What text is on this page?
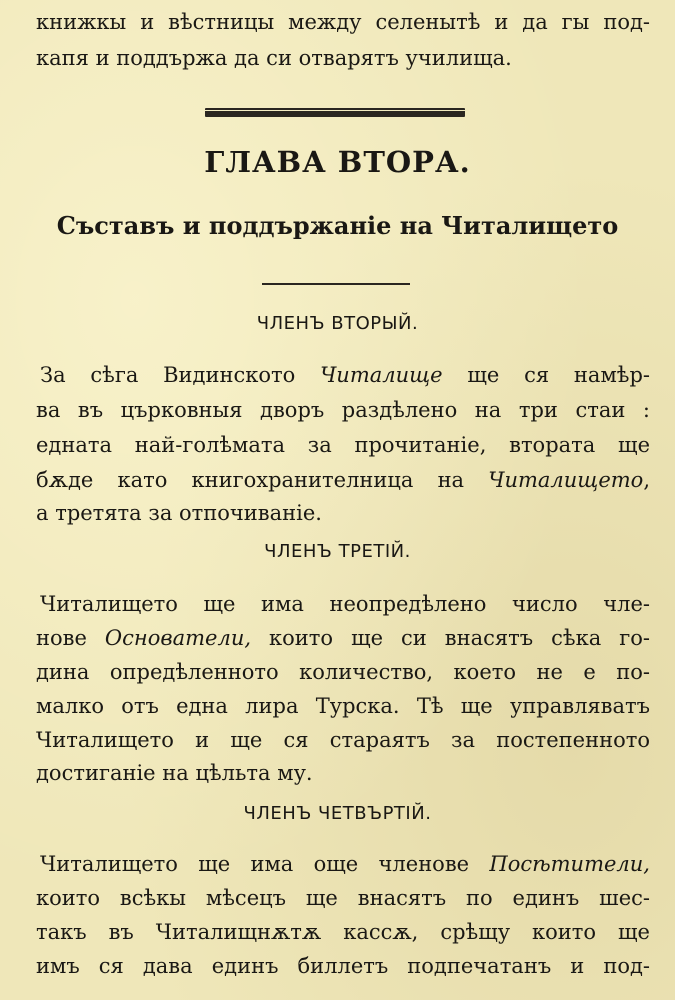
книжкы и вѣстницы между селенытѣ и да гы под-
капя и поддържа да си отварятъ училища.
ГЛАВА ВТОРА.
Съставъ и поддържаніе на Читалището
ЧЛЕНЪ ВТОРЫЙ.
За сѣга Видинското Читалище ще ся намѣр-
ва въ църковныя дворъ раздѣлено на три стаи :
едната най-голѣмата за прочитаніе, втората ще
бѫде като книгохранителница на Читалището,
а третята за отпочиваніе.
ЧЛЕНЪ ТРЕТІЙ.
Читалището ще има неопредѣлено число чле-
нове Основатели, които ще си внасятъ сѣка го-
дина опредѣленното количество, което не е по-
малко отъ една лира Турска. Тѣ ще управляватъ
Читалището и ще ся стараятъ за постепенното
достиганіе на цѣльта му.
ЧЛЕНЪ ЧЕТВЪРТІЙ.
Читалището ще има още членове Посѣтители,
които всѣкы мѣсецъ ще внасятъ по единъ шес-
такъ въ Читалищнѫтѫ кассѫ, срѣщу които ще
имъ ся дава единъ биллетъ подпечатанъ и под-
